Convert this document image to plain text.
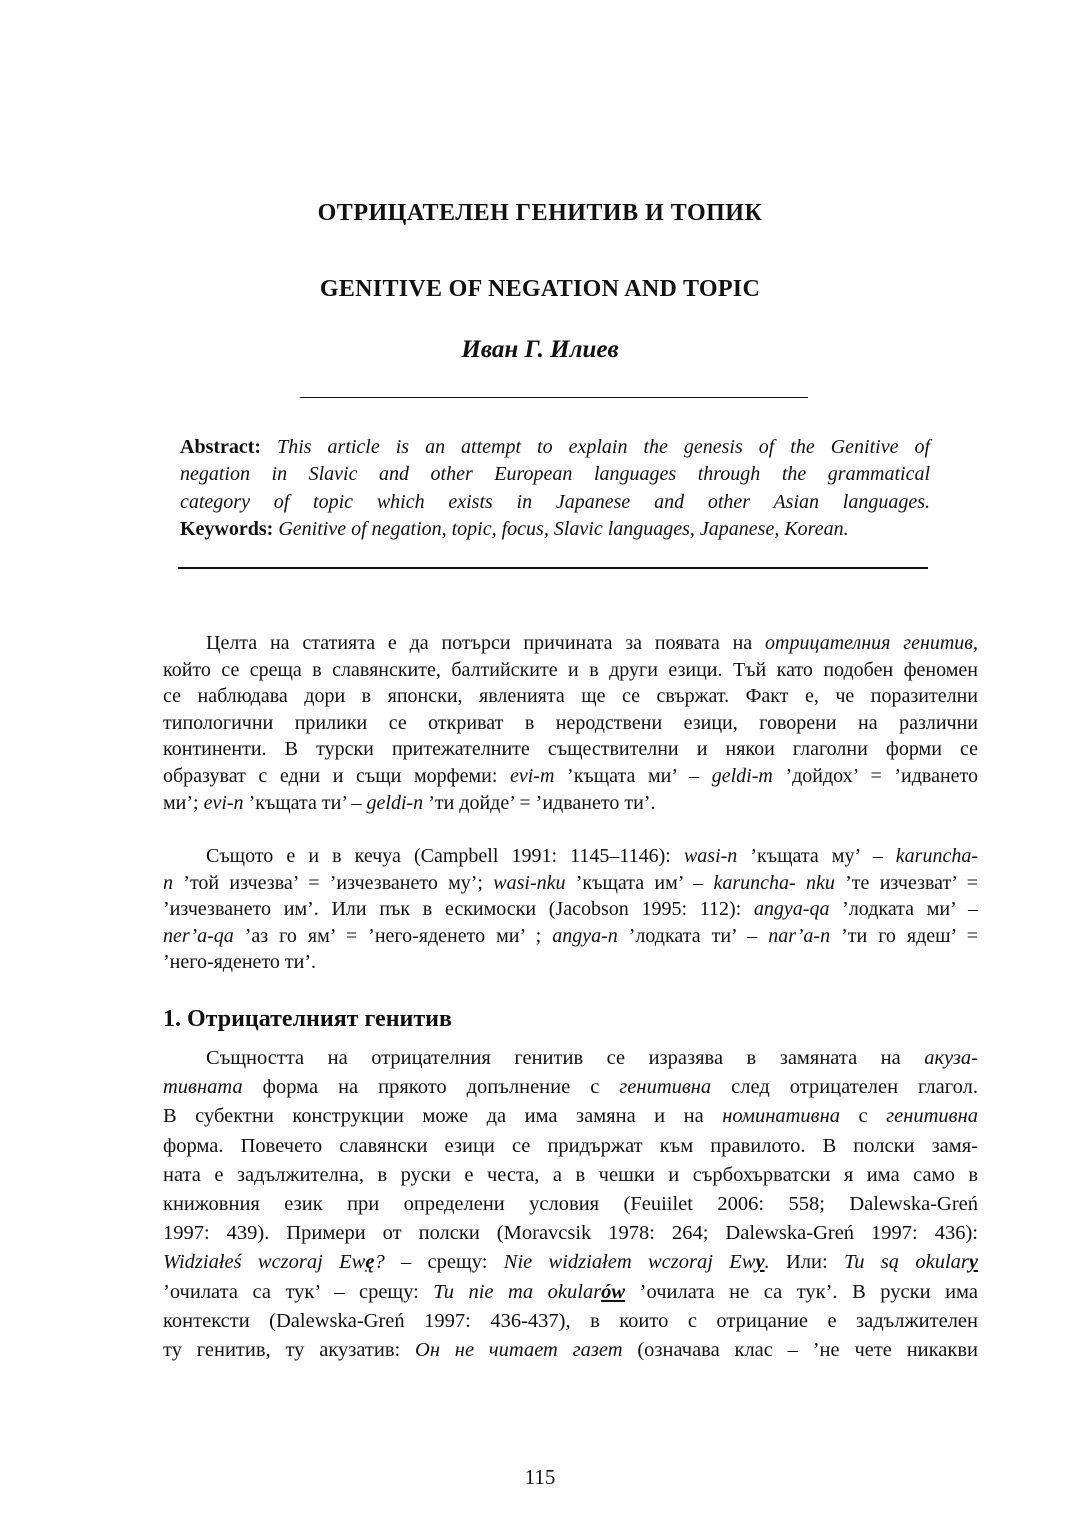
ОТРИЦАТЕЛЕН ГЕНИТИВ И ТОПИК
GENITIVE OF NEGATION AND TOPIC
Иван Г. Илиев
Abstract: This article is an attempt to explain the genesis of the Genitive of
negation in Slavic and other European languages through the grammatical
category of topic which exists in Japanese and other Asian languages.
Keywords: Genitive of negation, topic, focus, Slavic languages, Japanese, Korean.
Целта на статията е да потърси причината за появата на отрицателния генитив,
който се среща в славянските, балтийските и в други езици. Тъй като подобен феномен
се наблюдава дори в японски, явленията ще се свържат. Факт е, че поразителни
типологични прилики се откриват в неродствени езици, говорени на различни
континенти. В турски притежателните съществителни и някои глаголни форми се
образуват с едни и същи морфеми: evi-m ’къщата ми’ – geldi-m ’дойдох’ = ’идването
ми’; evi-n ’къщата ти’ – geldi-n ’ти дойде’ = ’идването ти’.
Същото е и в кечуа (Campbell 1991: 1145–1146): wasi-n ’къщата му’ – karuncha-
n ’той изчезва’ = ’изчезването му’; wasi-nku ’къщата им’ – karuncha- nku ’те изчезват’ =
’изчезването им’. Или пък в ескимоски (Jacobson 1995: 112): angya-qa ’лодката ми’ –
ner’a-qa ’аз го ям’ = ’него-яденето ми’ ; angya-n ’лодката ти’ – nar’a-n ’ти го ядеш’ =
’него-яденето ти’.
1. Отрицателният генитив
Същността на отрицателния генитив се изразява в замяната на акуза-
тивната форма на прякото допълнение с генитивна след отрицателен глагол.
В субектни конструкции може да има замяна и на номинативна с генитивна
форма. Повечето славянски езици се придържат към правилото. В полски замя-
ната е задължителна, в руски е честа, а в чешки и сърбохърватски я има само в
книжовния език при определени условия (Feuiilet 2006: 558; Dalewska-Greń
1997: 439). Примери от полски (Moravcsik 1978: 264; Dalewska-Greń 1997: 436):
Widziałeś wczoraj Ewę? – срещу: Nie widziałem wczoraj Ewy. Или: Tu są okulary
’очилата са тук’ – срещу: Tu nie ma okularów ’очилата не са тук’. В руски има
контексти (Dalewska-Greń 1997: 436-437), в които с отрицание е задължителен
ту генитив, ту акузатив: Он не читает газет (означава клас – ’не чете никакви
115
